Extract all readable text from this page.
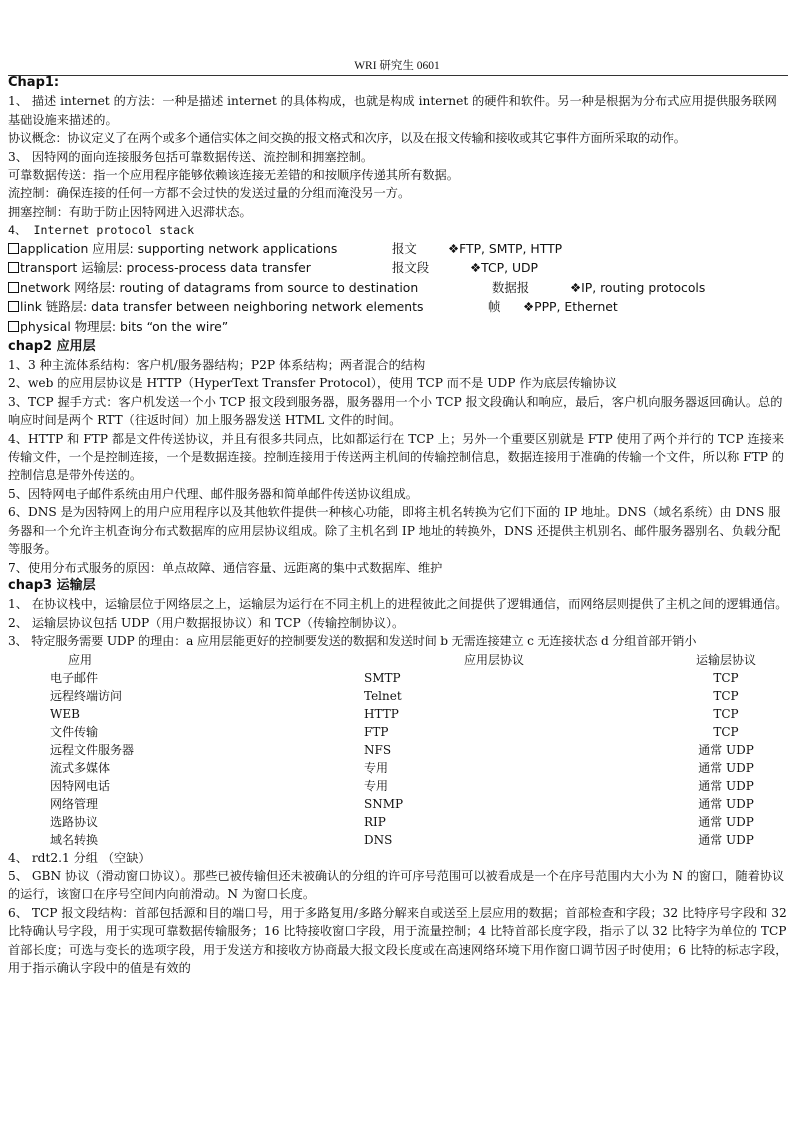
WRI 研究生 0601

Chap1:

1、 描述 internet 的方法：一种是描述 internet 的具体构成，也就是构成 internet 的硬件和软件。另一种是根据为分布式应用提供服务联网基础设施来描述的。

协议概念：协议定义了在两个或多个通信实体之间交换的报文格式和次序，以及在报文传输和接收或其它事件方面所采取的动作。

3、 因特网的面向连接服务包括可靠数据传送、流控制和拥塞控制。

可靠数据传送：指一个应用程序能够依赖该连接无差错的和按顺序传递其所有数据。

流控制：确保连接的任何一方都不会过快的发送过量的分组而淹没另一方。

拥塞控制：有助于防止因特网进入迟滞状态。

4、 Internet protocol stack

application 应用层: supporting network applications	报文	❖FTP, SMTP, HTTP
transport 运输层: process-process data transfer	报文段	❖TCP, UDP
network 网络层: routing of datagrams from source to destination	数据报	❖IP, routing protocols
link 链路层: data transfer between neighboring network elements	帧 ❖PPP, Ethernet
physical 物理层: bits “on the wire”

chap2 应用层

1、3 种主流体系结构：客户机/服务器结构；P2P 体系结构；两者混合的结构

2、web 的应用层协议是 HTTP（HyperText Transfer Protocol），使用 TCP 而不是 UDP 作为底层传输协议

3、TCP 握手方式：客户机发送一个小 TCP 报文段到服务器，服务器用一个小 TCP 报文段确认和响应，最后，客户机向服务器返回确认。总的响应时间是两个 RTT（往返时间）加上服务器发送 HTML 文件的时间。

4、HTTP 和 FTP 都是文件传送协议，并且有很多共同点，比如都运行在 TCP 上；另外一个重要区别就是 FTP 使用了两个并行的 TCP 连接来传输文件，一个是控制连接，一个是数据连接。控制连接用于传送两主机间的传输控制信息，数据连接用于准确的传输一个文件，所以称 FTP 的控制信息是带外传送的。

5、因特网电子邮件系统由用户代理、邮件服务器和简单邮件传送协议组成。

6、DNS 是为因特网上的用户应用程序以及其他软件提供一种核心功能，即将主机名转换为它们下面的 IP 地址。DNS（域名系统）由 DNS 服务器和一个允许主机查询分布式数据库的应用层协议组成。除了主机名到 IP 地址的转换外，DNS 还提供主机别名、邮件服务器别名、负载分配等服务。

7、使用分布式服务的原因：单点故障、通信容量、远距离的集中式数据库、维护

chap3 运输层

1、 在协议栈中，运输层位于网络层之上，运输层为运行在不同主机上的进程彼此之间提供了逻辑通信，而网络层则提供了主机之间的逻辑通信。

2、 运输层协议包括 UDP（用户数据报协议）和 TCP（传输控制协议）。

3、 特定服务需要 UDP 的理由：a 应用层能更好的控制要发送的数据和发送时间 b 无需连接建立 c 无连接状态 d 分组首部开销小

应用	应用层协议	运输层协议
电子邮件	SMTP	TCP
远程终端访问	Telnet	TCP
WEB	HTTP	TCP
文件传输	FTP	TCP
远程文件服务器	NFS	通常 UDP
流式多媒体	专用	通常 UDP
因特网电话	专用	通常 UDP
网络管理	SNMP	通常 UDP
选路协议	RIP	通常 UDP
域名转换	DNS	通常 UDP

4、 rdt2.1 分组 （空缺）

5、 GBN 协议（滑动窗口协议）。那些已被传输但还未被确认的分组的许可序号范围可以被看成是一个在序号范围内大小为 N 的窗口，随着协议的运行，该窗口在序号空间内向前滑动。N 为窗口长度。

6、 TCP 报文段结构：首部包括源和目的端口号，用于多路复用/多路分解来自或送至上层应用的数据；首部检查和字段；32 比特序号字段和 32 比特确认号字段，用于实现可靠数据传输服务；16 比特接收窗口字段，用于流量控制；4 比特首部长度字段，指示了以 32 比特字为单位的 TCP 首部长度；可选与变长的选项字段，用于发送方和接收方协商最大报文段长度或在高速网络环境下用作窗口调节因子时使用；6 比特的标志字段，用于指示确认字段中的值是有效的
